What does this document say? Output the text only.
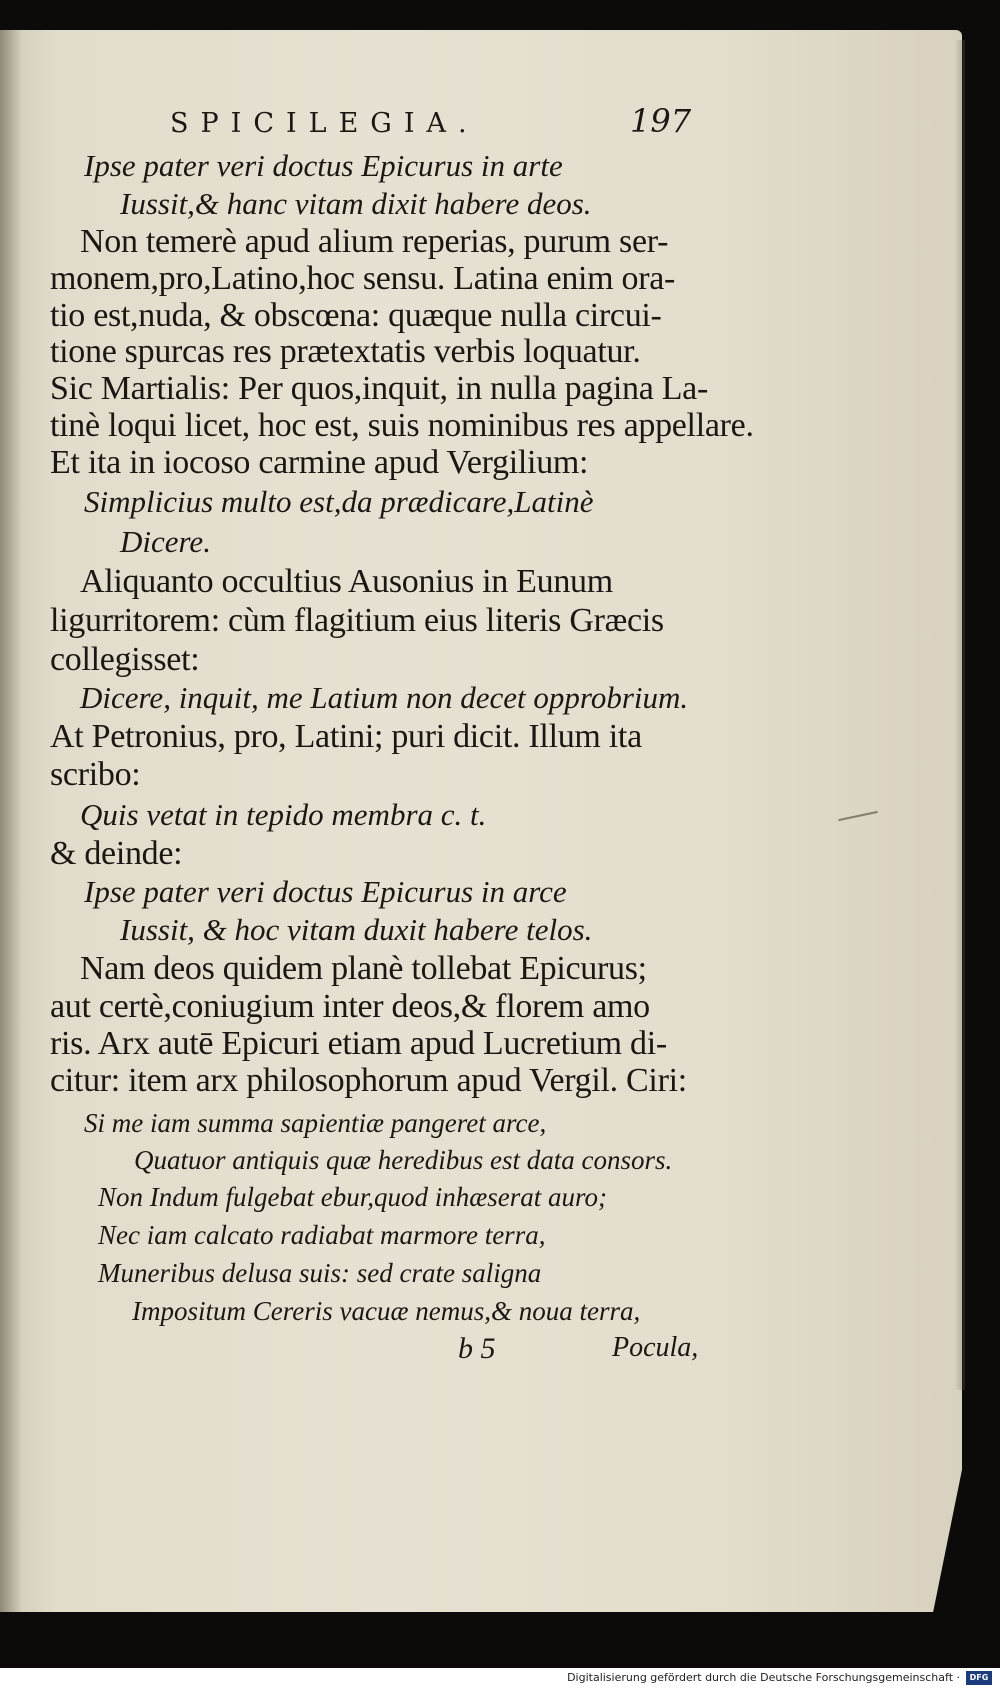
SPICILEGIA.	197
Ipse pater veri doctus Epicurus in arte
Iussit,& hanc vitam dixit habere deos.
Non temerè apud alium reperias, purum ser-
monem,pro,Latino,hoc sensu. Latina enim ora-
tio est,nuda, & obscœna: quæque nulla circui-
tione spurcas res prætextatis verbis loquatur.
Sic Martialis: Per quos,inquit, in nulla pagina La-
tinè loqui licet, hoc est, suis nominibus res appellare.
Et ita in iocoso carmine apud Vergilium:
Simplicius multo est,da prædicare,Latinè
Dicere.
Aliquanto occultius Ausonius in Eunum
ligurritorem: cùm flagitium eius literis Græcis
collegisset:
Dicere, inquit, me Latium non decet opprobrium.
At Petronius, pro, Latini; puri dicit. Illum ita
scribo:
Quis vetat in tepido membra c. t.
& deinde:
Ipse pater veri doctus Epicurus in arce
Iussit, & hoc vitam duxit habere telos.
Nam deos quidem planè tollebat Epicurus;
aut certè,coniugium inter deos,& florem amo
ris. Arx autē Epicuri etiam apud Lucretium di-
citur: item arx philosophorum apud Vergil. Ciri:
Si me iam summa sapientiæ pangeret arce,
Quatuor antiquis quæ heredibus est data consors.
Non Indum fulgebat ebur,quod inhæserat auro;
Nec iam calcato radiabat marmore terra,
Muneribus delusa suis: sed crate saligna
Impositum Cereris vacuæ nemus,& noua terra,
b 5	Pocula,
Digitalisierung gefördert durch die Deutsche Forschungsgemeinschaft ·	DFG
